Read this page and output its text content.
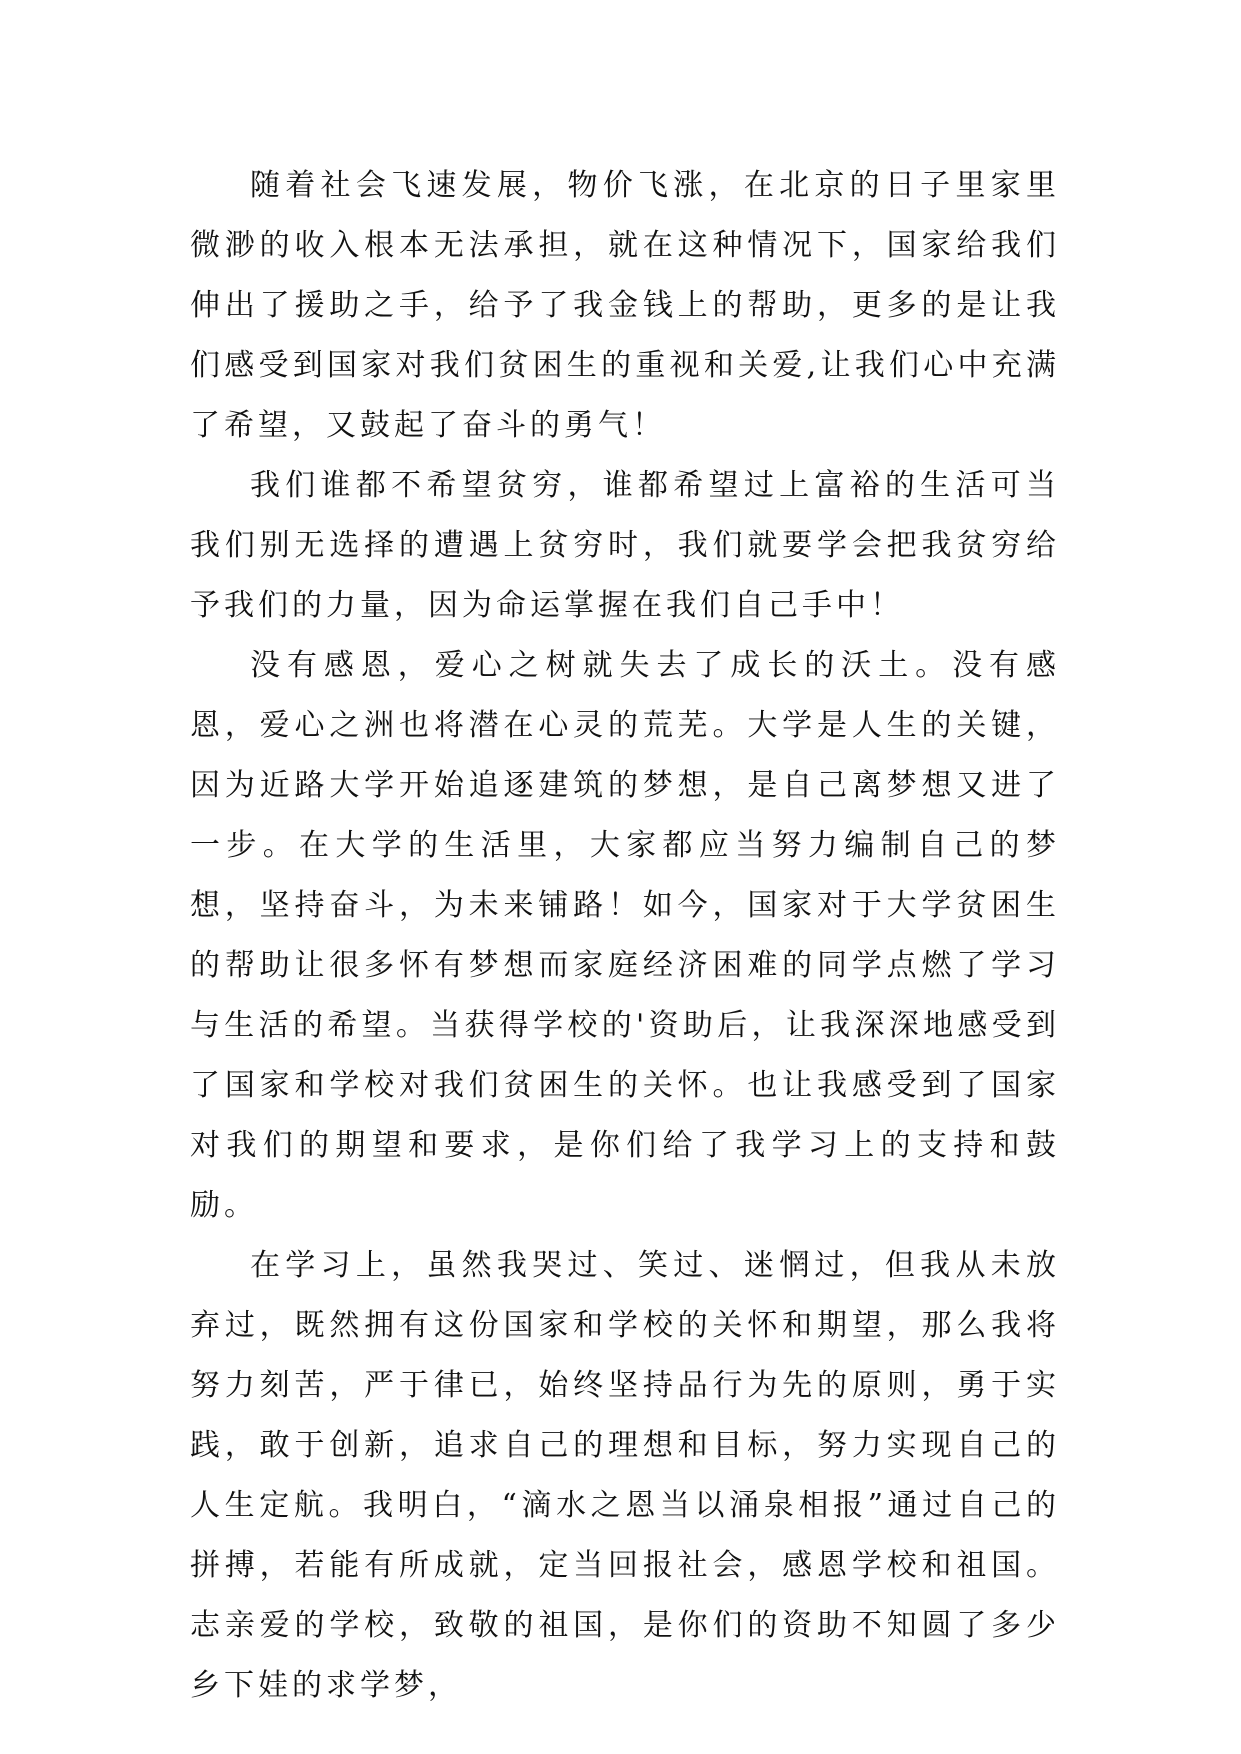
随着社会飞速发展，物价飞涨，在北京的日子里家里微渺的收入根本无法承担，就在这种情况下，国家给我们伸出了援助之手，给予了我金钱上的帮助，更多的是让我们感受到国家对我们贫困生的重视和关爱,让我们心中充满了希望，又鼓起了奋斗的勇气！

我们谁都不希望贫穷，谁都希望过上富裕的生活可当我们别无选择的遭遇上贫穷时，我们就要学会把我贫穷给予我们的力量，因为命运掌握在我们自己手中！

没有感恩，爱心之树就失去了成长的沃土。没有感恩，爱心之洲也将潜在心灵的荒芜。大学是人生的关键，因为近路大学开始追逐建筑的梦想，是自己离梦想又进了一步。在大学的生活里，大家都应当努力编制自己的梦想，坚持奋斗，为未来铺路！如今，国家对于大学贫困生的帮助让很多怀有梦想而家庭经济困难的同学点燃了学习与生活的希望。当获得学校的'资助后，让我深深地感受到了国家和学校对我们贫困生的关怀。也让我感受到了国家对我们的期望和要求，是你们给了我学习上的支持和鼓励。

在学习上，虽然我哭过、笑过、迷惘过，但我从未放弃过，既然拥有这份国家和学校的关怀和期望，那么我将努力刻苦，严于律已，始终坚持品行为先的原则，勇于实践，敢于创新，追求自己的理想和目标，努力实现自己的人生定航。我明白，“滴水之恩当以涌泉相报”通过自己的拼搏，若能有所成就，定当回报社会，感恩学校和祖国。志亲爱的学校，致敬的祖国，是你们的资助不知圆了多少乡下娃的求学梦，
